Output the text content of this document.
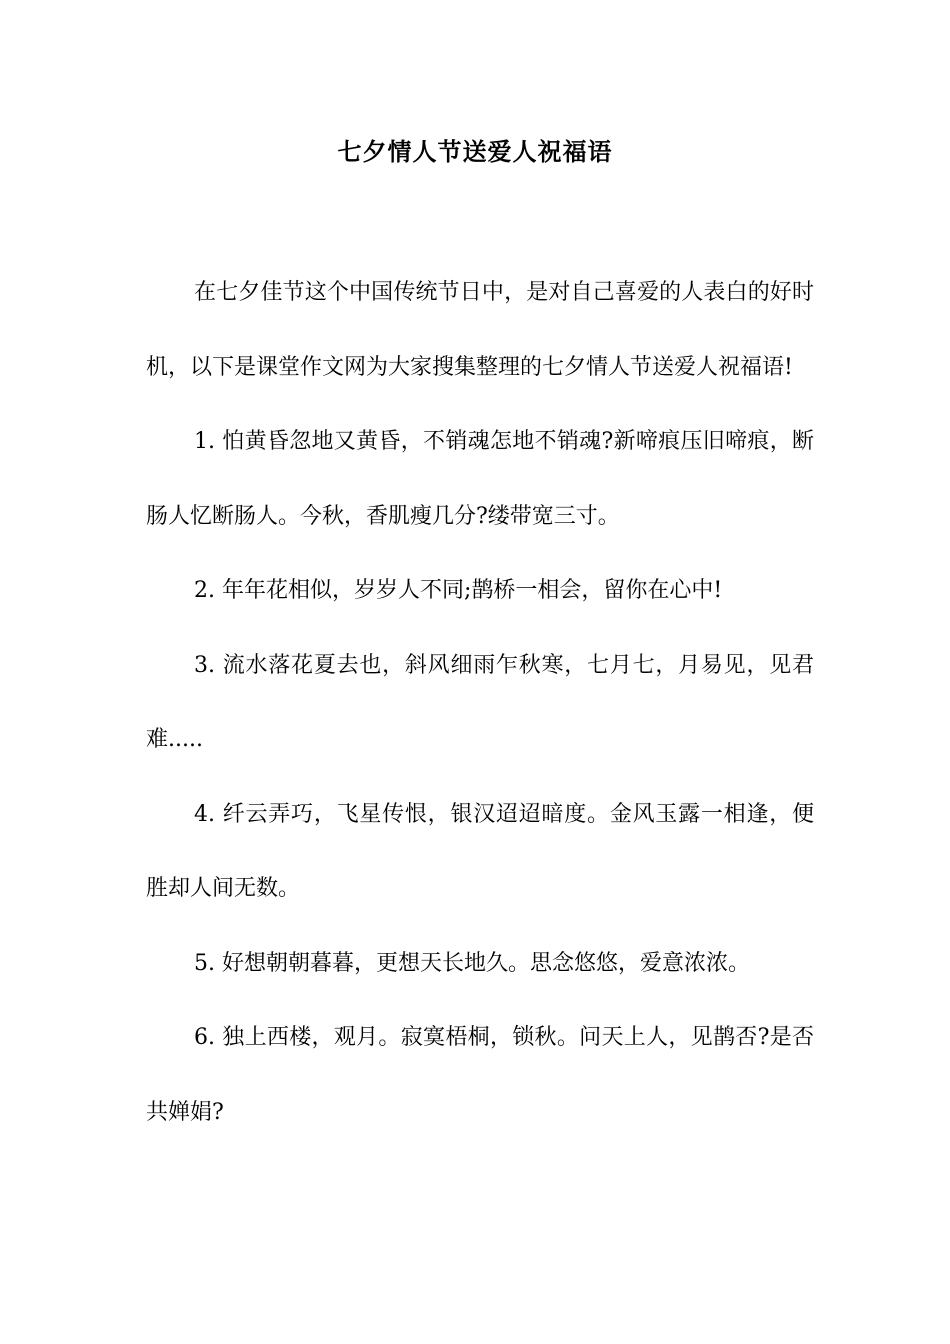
七夕情人节送爱人祝福语

在七夕佳节这个中国传统节日中，是对自己喜爱的人表白的好时机，以下是课堂作文网为大家搜集整理的七夕情人节送爱人祝福语!

1. 怕黄昏忽地又黄昏，不销魂怎地不销魂?新啼痕压旧啼痕，断肠人忆断肠人。今秋，香肌瘦几分?缕带宽三寸。

2. 年年花相似，岁岁人不同;鹊桥一相会，留你在心中!

3. 流水落花夏去也，斜风细雨乍秋寒，七月七，月易见，见君难.....

4. 纤云弄巧，飞星传恨，银汉迢迢暗度。金风玉露一相逢，便胜却人间无数。

5. 好想朝朝暮暮，更想天长地久。思念悠悠，爱意浓浓。

6. 独上西楼，观月。寂寞梧桐，锁秋。问天上人，见鹊否?是否共婵娟?
